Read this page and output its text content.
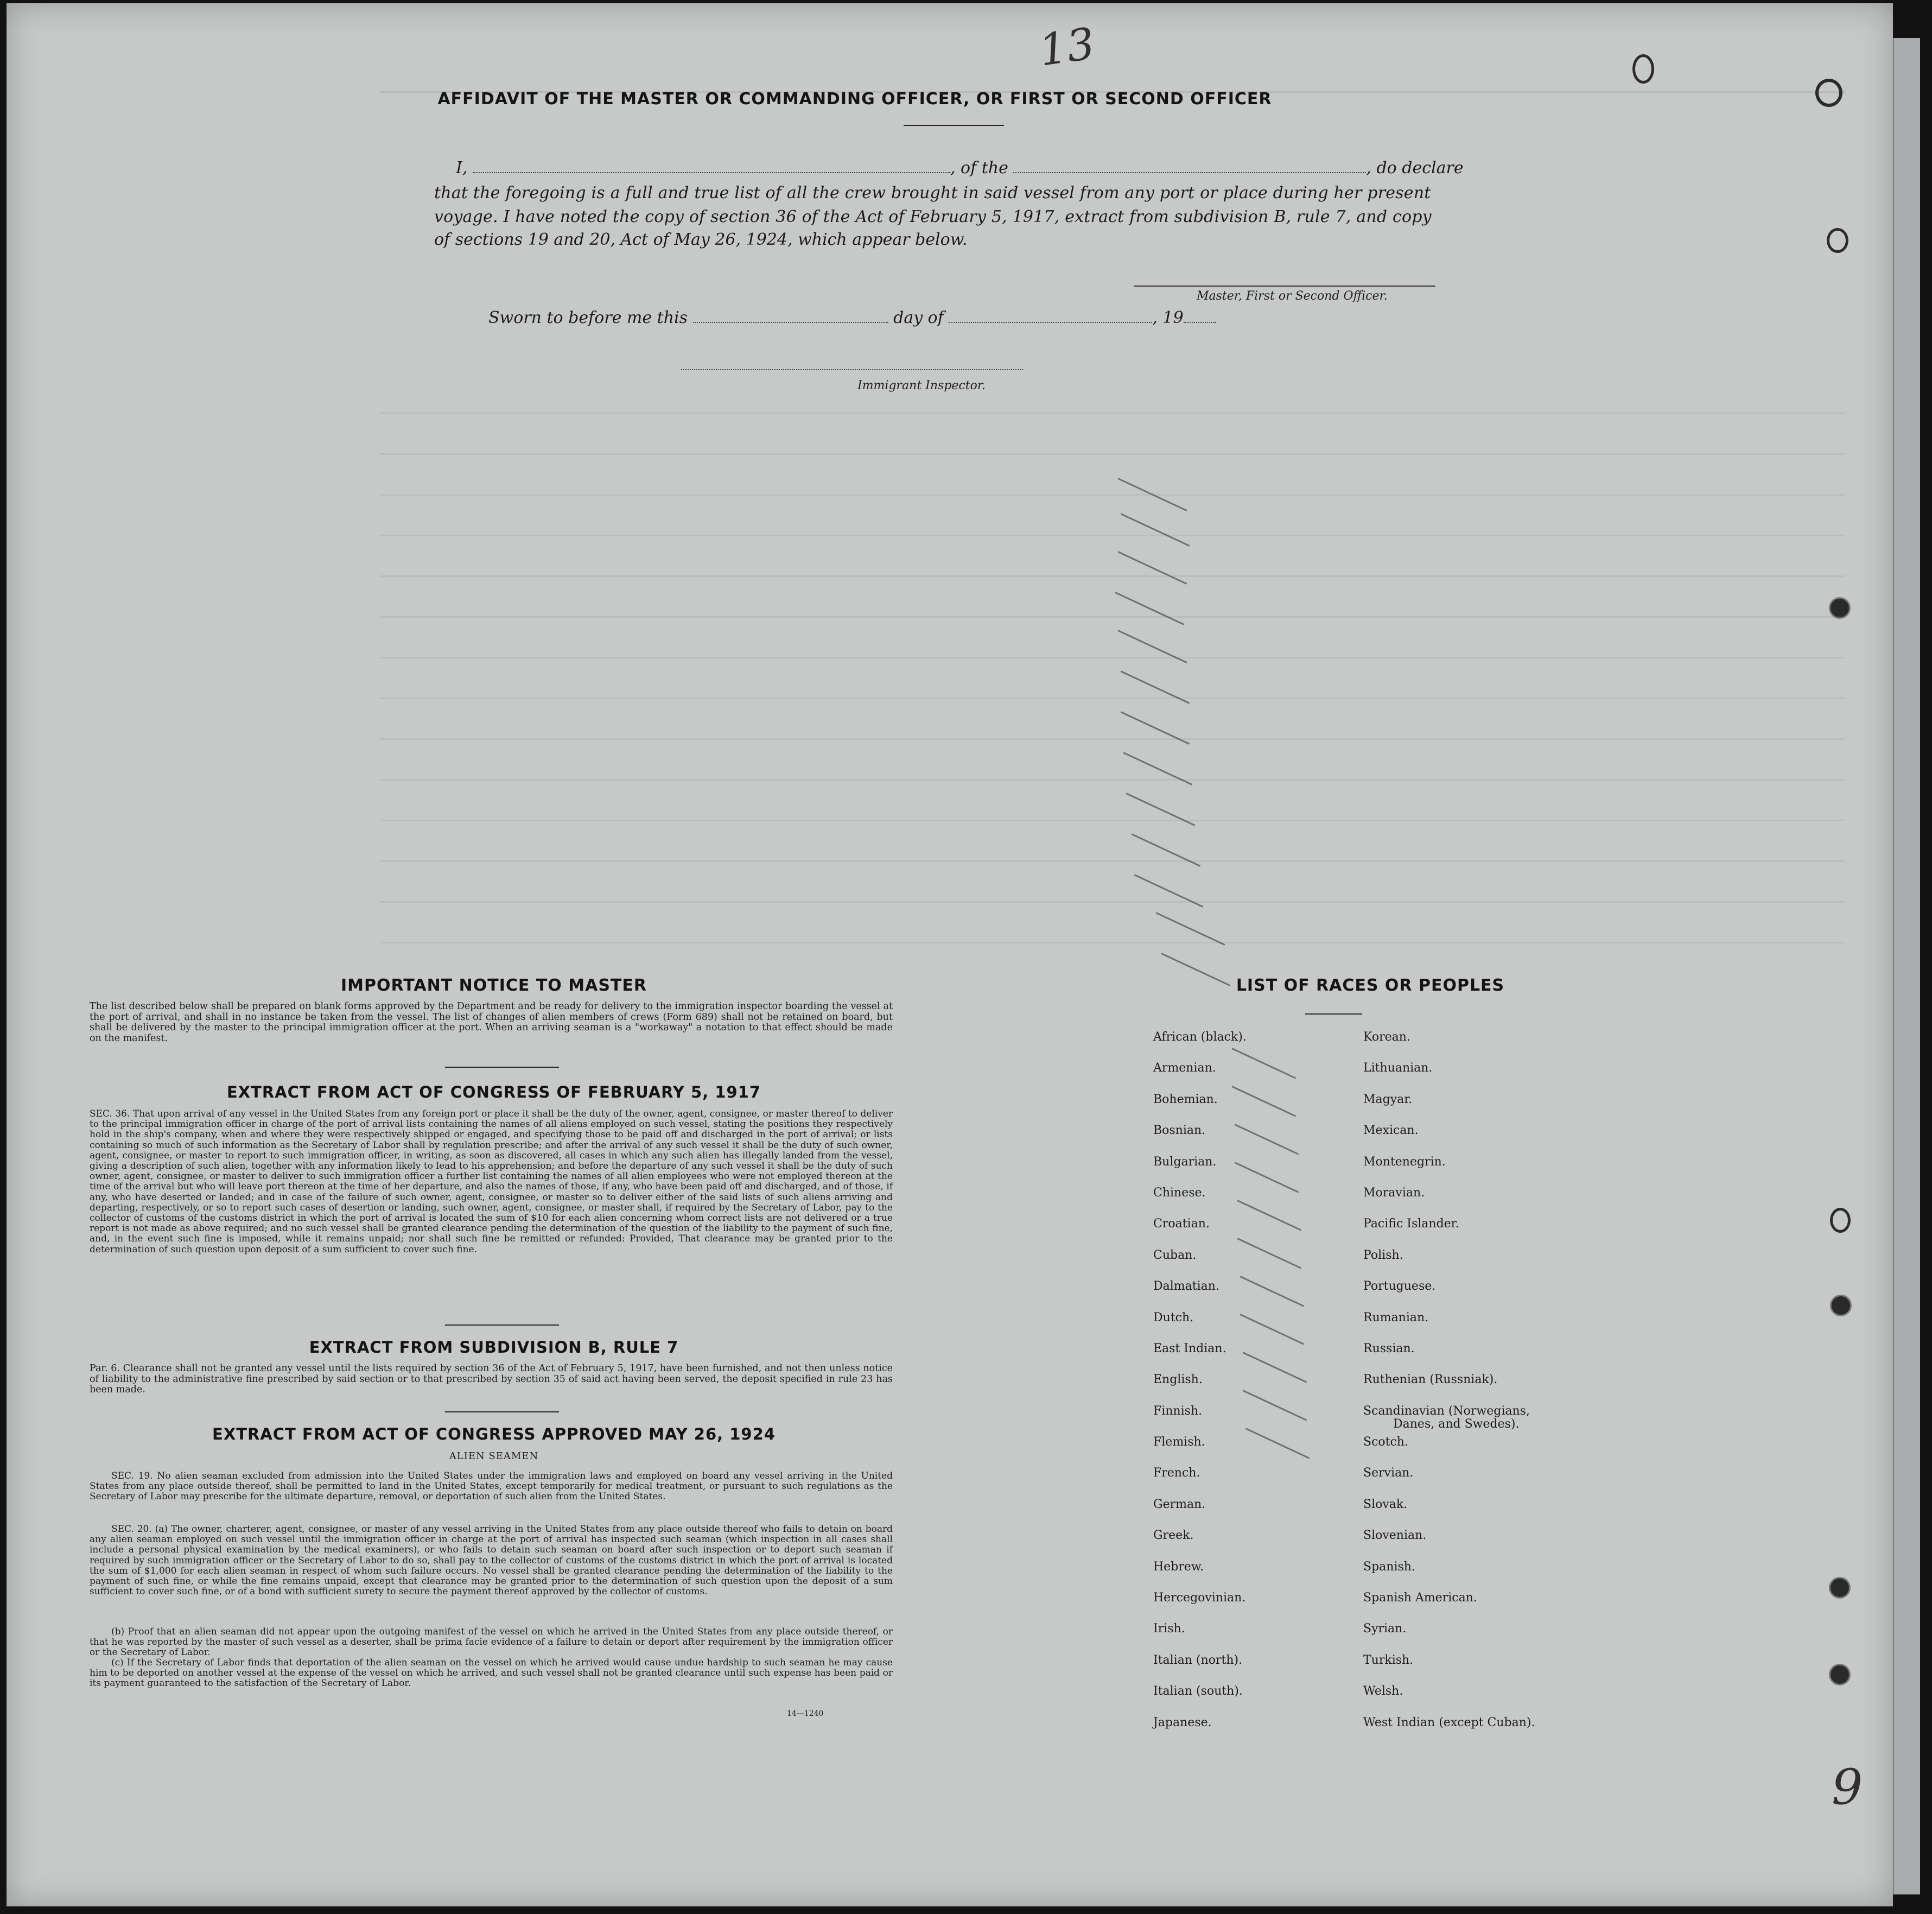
13
9
AFFIDAVIT OF THE MASTER OR COMMANDING OFFICER, OR FIRST OR SECOND OFFICER
I,	, of the	, do declare
that the foregoing is a full and true list of all the crew brought in said vessel from any port or place during her present
voyage. I have noted the copy of section 36 of the Act of February 5, 1917, extract from subdivision B, rule 7, and copy
of sections 19 and 20, Act of May 26, 1924, which appear below.
Master, First or Second Officer.
Sworn to before me this	day of	, 19
Immigrant Inspector.
IMPORTANT NOTICE TO MASTER
The list described below shall be prepared on blank forms approved by the Department and be ready for delivery to the immigration inspector boarding the vessel at the port of arrival, and shall in no instance be taken from the vessel. The list of changes of alien members of crews (Form 689) shall not be retained on board, but shall be delivered by the master to the principal immigration officer at the port. When an arriving seaman is a "workaway" a notation to that effect should be made on the manifest.
EXTRACT FROM ACT OF CONGRESS OF FEBRUARY 5, 1917
SEC. 36. That upon arrival of any vessel in the United States from any foreign port or place it shall be the duty of the owner, agent, consignee, or master thereof to deliver to the principal immigration officer in charge of the port of arrival lists containing the names of all aliens employed on such vessel, stating the positions they respectively hold in the ship's company, when and where they were respectively shipped or engaged, and specifying those to be paid off and discharged in the port of arrival; or lists containing so much of such information as the Secretary of Labor shall by regulation prescribe; and after the arrival of any such vessel it shall be the duty of such owner, agent, consignee, or master to report to such immigration officer, in writing, as soon as discovered, all cases in which any such alien has illegally landed from the vessel, giving a description of such alien, together with any information likely to lead to his apprehension; and before the departure of any such vessel it shall be the duty of such owner, agent, consignee, or master to deliver to such immigration officer a further list containing the names of all alien employees who were not employed thereon at the time of the arrival but who will leave port thereon at the time of her departure, and also the names of those, if any, who have been paid off and discharged, and of those, if any, who have deserted or landed; and in case of the failure of such owner, agent, consignee, or master so to deliver either of the said lists of such aliens arriving and departing, respectively, or so to report such cases of desertion or landing, such owner, agent, consignee, or master shall, if required by the Secretary of Labor, pay to the collector of customs of the customs district in which the port of arrival is located the sum of $10 for each alien concerning whom correct lists are not delivered or a true report is not made as above required; and no such vessel shall be granted clearance pending the determination of the question of the liability to the payment of such fine, and, in the event such fine is imposed, while it remains unpaid; nor shall such fine be remitted or refunded: Provided, That clearance may be granted prior to the determination of such question upon deposit of a sum sufficient to cover such fine.
EXTRACT FROM SUBDIVISION B, RULE 7
Par. 6. Clearance shall not be granted any vessel until the lists required by section 36 of the Act of February 5, 1917, have been furnished, and not then unless notice of liability to the administrative fine prescribed by said section or to that prescribed by section 35 of said act having been served, the deposit specified in rule 23 has been made.
EXTRACT FROM ACT OF CONGRESS APPROVED MAY 26, 1924
ALIEN SEAMEN
SEC. 19. No alien seaman excluded from admission into the United States under the immigration laws and employed on board any vessel arriving in the United States from any place outside thereof, shall be permitted to land in the United States, except temporarily for medical treatment, or pursuant to such regulations as the Secretary of Labor may prescribe for the ultimate departure, removal, or deportation of such alien from the United States.
SEC. 20. (a) The owner, charterer, agent, consignee, or master of any vessel arriving in the United States from any place outside thereof who fails to detain on board any alien seaman employed on such vessel until the immigration officer in charge at the port of arrival has inspected such seaman (which inspection in all cases shall include a personal physical examination by the medical examiners), or who fails to detain such seaman on board after such inspection or to deport such seaman if required by such immigration officer or the Secretary of Labor to do so, shall pay to the collector of customs of the customs district in which the port of arrival is located the sum of $1,000 for each alien seaman in respect of whom such failure occurs. No vessel shall be granted clearance pending the determination of the liability to the payment of such fine, or while the fine remains unpaid, except that clearance may be granted prior to the determination of such question upon the deposit of a sum sufficient to cover such fine, or of a bond with sufficient surety to secure the payment thereof approved by the collector of customs.
(b) Proof that an alien seaman did not appear upon the outgoing manifest of the vessel on which he arrived in the United States from any place outside thereof, or that he was reported by the master of such vessel as a deserter, shall be prima facie evidence of a failure to detain or deport after requirement by the immigration officer or the Secretary of Labor.
(c) If the Secretary of Labor finds that deportation of the alien seaman on the vessel on which he arrived would cause undue hardship to such seaman he may cause him to be deported on another vessel at the expense of the vessel on which he arrived, and such vessel shall not be granted clearance until such expense has been paid or its payment guaranteed to the satisfaction of the Secretary of Labor.
14—1240
LIST OF RACES OR PEOPLES
African (black).
Armenian.
Bohemian.
Bosnian.
Bulgarian.
Chinese.
Croatian.
Cuban.
Dalmatian.
Dutch.
East Indian.
English.
Finnish.
Flemish.
French.
German.
Greek.
Hebrew.
Hercegovinian.
Irish.
Italian (north).
Italian (south).
Japanese.
Korean.
Lithuanian.
Magyar.
Mexican.
Montenegrin.
Moravian.
Pacific Islander.
Polish.
Portuguese.
Rumanian.
Russian.
Ruthenian (Russniak).
Scandinavian (Norwegians,

Danes, and Swedes).
Scotch.
Servian.
Slovak.
Slovenian.
Spanish.
Spanish American.
Syrian.
Turkish.
Welsh.
West Indian (except Cuban).
